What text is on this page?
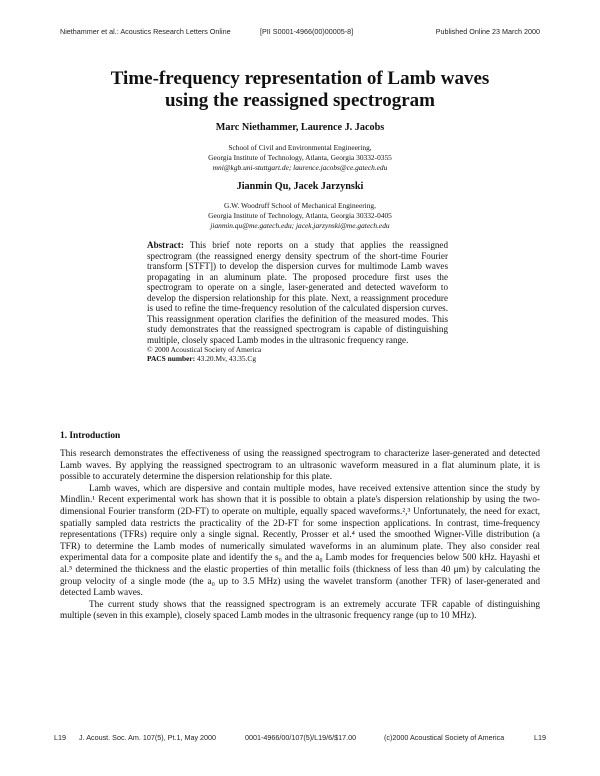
Niethammer et al.: Acoustics Research Letters Online	[PII S0001-4966(00)00005-8]	Published Online 23 March 2000
Time-frequency representation of Lamb waves
using the reassigned spectrogram

Marc Niethammer, Laurence J. Jacobs

School of Civil and Environmental Engineering,
Georgia Institute of Technology, Atlanta, Georgia 30332-0355
mni@kgb.uni-stuttgart.de; laurence.jacobs@ce.gatech.edu

Jianmin Qu, Jacek Jarzynski

G.W. Woodruff School of Mechanical Engineering,
Georgia Institute of Technology, Atlanta, Georgia 30332-0405
jianmin.qu@me.gatech.edu; jacek.jarzynski@me.gatech.edu

Abstract: This brief note reports on a study that applies the reassigned spectrogram (the reassigned energy density spectrum of the short-time Fourier transform [STFT]) to develop the dispersion curves for multimode Lamb waves propagating in an aluminum plate. The proposed procedure first uses the spectrogram to operate on a single, laser-generated and detected waveform to develop the dispersion relationship for this plate. Next, a reassignment procedure is used to refine the time-frequency resolution of the calculated dispersion curves. This reassignment operation clarifies the definition of the measured modes. This study demonstrates that the reassigned spectrogram is capable of distinguishing multiple, closely spaced Lamb modes in the ultrasonic frequency range.

© 2000 Acoustical Society of America

PACS number: 43.20.Mv, 43.35.Cg

1. Introduction

This research demonstrates the effectiveness of using the reassigned spectrogram to characterize laser-generated and detected Lamb waves. By applying the reassigned spectrogram to an ultrasonic waveform measured in a flat aluminum plate, it is possible to accurately determine the dispersion relationship for this plate.

Lamb waves, which are dispersive and contain multiple modes, have received extensive attention since the study by Mindlin.¹ Recent experimental work has shown that it is possible to obtain a plate's dispersion relationship by using the two-dimensional Fourier transform (2D-FT) to operate on multiple, equally spaced waveforms.²,³ Unfortunately, the need for exact, spatially sampled data restricts the practicality of the 2D-FT for some inspection applications. In contrast, time-frequency representations (TFRs) require only a single signal. Recently, Prosser et al.⁴ used the smoothed Wigner-Ville distribution (a TFR) to determine the Lamb modes of numerically simulated waveforms in an aluminum plate. They also consider real experimental data for a composite plate and identify the s₀ and the a₀ Lamb modes for frequencies below 500 kHz. Hayashi et al.⁵ determined the thickness and the elastic properties of thin metallic foils (thickness of less than 40 μm) by calculating the group velocity of a single mode (the a₀ up to 3.5 MHz) using the wavelet transform (another TFR) of laser-generated and detected Lamb waves.

The current study shows that the reassigned spectrogram is an extremely accurate TFR capable of distinguishing multiple (seven in this example), closely spaced Lamb modes in the ultrasonic frequency range (up to 10 MHz).

L19 J. Acoust. Soc. Am. 107(5), Pt.1, May 2000	0001-4966/00/107(5)/L19/6/$17.00	(c)2000 Acoustical Society of America	L19
